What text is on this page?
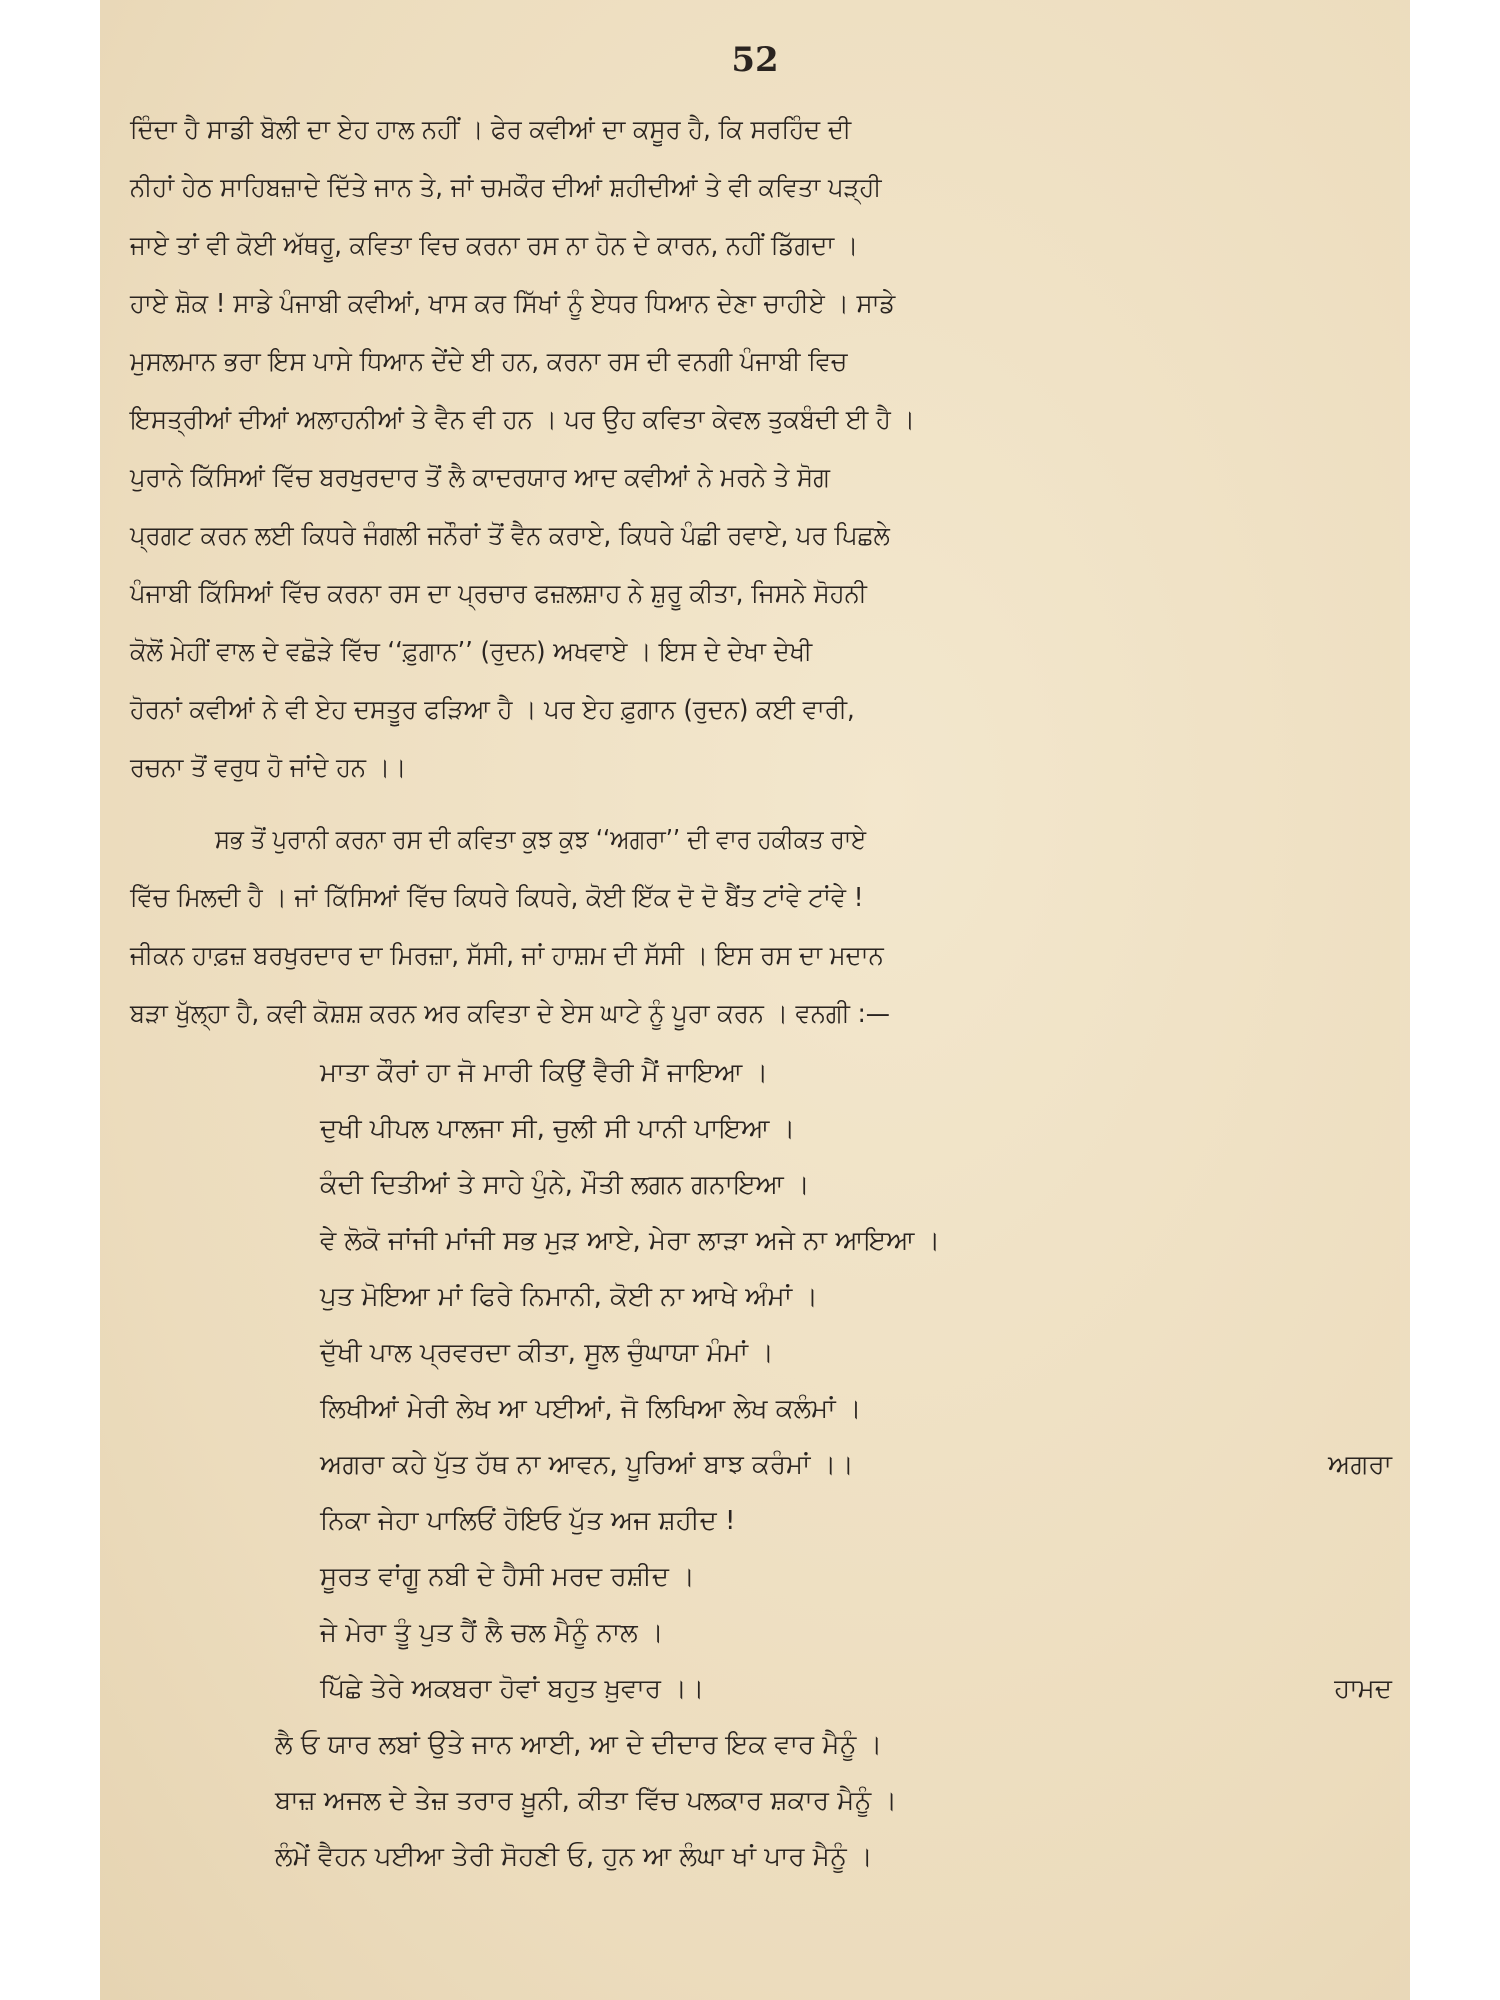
52
ਦਿੰਦਾ ਹੈ ਸਾਡੀ ਬੋਲੀ ਦਾ ਏਹ ਹਾਲ ਨਹੀਂ । ਫੇਰ ਕਵੀਆਂ ਦਾ ਕਸੂਰ ਹੈ, ਕਿ ਸਰਹਿੰਦ ਦੀ
ਨੀਹਾਂ ਹੇਠ ਸਾਹਿਬਜ਼ਾਦੇ ਦਿੱਤੇ ਜਾਨ ਤੇ, ਜਾਂ ਚਮਕੌਰ ਦੀਆਂ ਸ਼ਹੀਦੀਆਂ ਤੇ ਵੀ ਕਵਿਤਾ ਪੜ੍ਹੀ
ਜਾਏ ਤਾਂ ਵੀ ਕੋਈ ਅੱਥਰੂ, ਕਵਿਤਾ ਵਿਚ ਕਰਨਾ ਰਸ ਨਾ ਹੋਨ ਦੇ ਕਾਰਨ, ਨਹੀਂ ਡਿੱਗਦਾ ।
ਹਾਏ ਸ਼ੋਕ ! ਸਾਡੇ ਪੰਜਾਬੀ ਕਵੀਆਂ, ਖਾਸ ਕਰ ਸਿੱਖਾਂ ਨੂੰ ਏਧਰ ਧਿਆਨ ਦੇਣਾ ਚਾਹੀਏ । ਸਾਡੇ
ਮੁਸਲਮਾਨ ਭਰਾ ਇਸ ਪਾਸੇ ਧਿਆਨ ਦੇਂਦੇ ਈ ਹਨ, ਕਰਨਾ ਰਸ ਦੀ ਵਨਗੀ ਪੰਜਾਬੀ ਵਿਚ
ਇਸਤ੍ਰੀਆਂ ਦੀਆਂ ਅਲਾਹਨੀਆਂ ਤੇ ਵੈਨ ਵੀ ਹਨ । ਪਰ ਉਹ ਕਵਿਤਾ ਕੇਵਲ ਤੁਕਬੰਦੀ ਈ ਹੈ ।
ਪੁਰਾਨੇ ਕਿੱਸਿਆਂ ਵਿੱਚ ਬਰਖੁਰਦਾਰ ਤੋਂ ਲੈ ਕਾਦਰਯਾਰ ਆਦ ਕਵੀਆਂ ਨੇ ਮਰਨੇ ਤੇ ਸੋਗ
ਪ੍ਰਗਟ ਕਰਨ ਲਈ ਕਿਧਰੇ ਜੰਗਲੀ ਜਨੌਰਾਂ ਤੋਂ ਵੈਨ ਕਰਾਏ, ਕਿਧਰੇ ਪੰਛੀ ਰਵਾਏ, ਪਰ ਪਿਛਲੇ
ਪੰਜਾਬੀ ਕਿੱਸਿਆਂ ਵਿੱਚ ਕਰਨਾ ਰਸ ਦਾ ਪ੍ਰਚਾਰ ਫਜ਼ਲਸ਼ਾਹ ਨੇ ਸ਼ੁਰੂ ਕੀਤਾ, ਜਿਸਨੇ ਸੋਹਨੀ
ਕੋਲੋਂ ਮੇਹੀਂ ਵਾਲ ਦੇ ਵਛੋੜੇ ਵਿੱਚ ‘‘ਫ਼ੁਗਾਨ’’ (ਰੁਦਨ) ਅਖਵਾਏ । ਇਸ ਦੇ ਦੇਖਾ ਦੇਖੀ
ਹੋਰਨਾਂ ਕਵੀਆਂ ਨੇ ਵੀ ਏਹ ਦਸਤੂਰ ਫੜਿਆ ਹੈ । ਪਰ ਏਹ ਫ਼ੁਗਾਨ (ਰੁਦਨ) ਕਈ ਵਾਰੀ,
ਰਚਨਾ ਤੋਂ ਵਰੁਧ ਹੋ ਜਾਂਦੇ ਹਨ ।।
ਸਭ ਤੋਂ ਪੁਰਾਨੀ ਕਰਨਾ ਰਸ ਦੀ ਕਵਿਤਾ ਕੁਝ ਕੁਝ ‘‘ਅਗਰਾ’’ ਦੀ ਵਾਰ ਹਕੀਕਤ ਰਾਏ
ਵਿੱਚ ਮਿਲਦੀ ਹੈ । ਜਾਂ ਕਿੱਸਿਆਂ ਵਿੱਚ ਕਿਧਰੇ ਕਿਧਰੇ, ਕੋਈ ਇੱਕ ਦੋ ਦੋ ਬੈਂਤ ਟਾਂਵੇ ਟਾਂਵੇ !
ਜੀਕਨ ਹਾਫ਼ਜ਼ ਬਰਖੁਰਦਾਰ ਦਾ ਮਿਰਜ਼ਾ, ਸੱਸੀ, ਜਾਂ ਹਾਸ਼ਮ ਦੀ ਸੱਸੀ । ਇਸ ਰਸ ਦਾ ਮਦਾਨ
ਬੜਾ ਖੁੱਲ੍ਹਾ ਹੈ, ਕਵੀ ਕੋਸ਼ਸ਼ ਕਰਨ ਅਰ ਕਵਿਤਾ ਦੇ ਏਸ ਘਾਟੇ ਨੂੰ ਪੂਰਾ ਕਰਨ । ਵਨਗੀ :—
ਮਾਤਾ ਕੌਰਾਂ ਹਾ ਜੋ ਮਾਰੀ ਕਿਉਂ ਵੈਰੀ ਮੈਂ ਜਾਇਆ ।
ਦੁਖੀ ਪੀਪਲ ਪਾਲਜਾ ਸੀ, ਚੁਲੀ ਸੀ ਪਾਨੀ ਪਾਇਆ ।
ਕੰਦੀ ਦਿਤੀਆਂ ਤੇ ਸਾਹੇ ਪੁੰਨੇ, ਮੌਤੀ ਲਗਨ ਗਨਾਇਆ ।
ਵੇ ਲੋਕੋ ਜਾਂਜੀ ਮਾਂਜੀ ਸਭ ਮੁੜ ਆਏ, ਮੇਰਾ ਲਾੜਾ ਅਜੇ ਨਾ ਆਇਆ ।
ਪੁਤ ਮੋਇਆ ਮਾਂ ਫਿਰੇ ਨਿਮਾਨੀ, ਕੋਈ ਨਾ ਆਖੇ ਅੰਮਾਂ ।
ਦੁੱਖੀ ਪਾਲ ਪ੍ਰਵਰਦਾ ਕੀਤਾ, ਸੂਲ ਚੁੰਘਾਯਾ ਮੰਮਾਂ ।
ਲਿਖੀਆਂ ਮੇਰੀ ਲੇਖ ਆ ਪਈਆਂ, ਜੋ ਲਿਖਿਆ ਲੇਖ ਕਲੰਮਾਂ ।
ਅਗਰਾ ਕਹੇ ਪੁੱਤ ਹੱਥ ਨਾ ਆਵਨ, ਪੂਰਿਆਂ ਬਾਝ ਕਰੰਮਾਂ ।।	ਅਗਰਾ
ਨਿਕਾ ਜੇਹਾ ਪਾਲਿਓਂ ਹੋਇਓ ਪੁੱਤ ਅਜ ਸ਼ਹੀਦ !
ਸੂਰਤ ਵਾਂਗੂ ਨਬੀ ਦੇ ਹੈਸੀ ਮਰਦ ਰਸ਼ੀਦ ।
ਜੇ ਮੇਰਾ ਤੂੰ ਪੁਤ ਹੈਂ ਲੈ ਚਲ ਮੈਨੂੰ ਨਾਲ ।
ਪਿੱਛੇ ਤੇਰੇ ਅਕਬਰਾ ਹੋਵਾਂ ਬਹੁਤ ਖ਼ੁਵਾਰ ।।	ਹਾਮਦ
ਲੈ ਓ ਯਾਰ ਲਬਾਂ ਉਤੇ ਜਾਨ ਆਈ, ਆ ਦੇ ਦੀਦਾਰ ਇਕ ਵਾਰ ਮੈਨੂੰ ।
ਬਾਜ਼ ਅਜਲ ਦੇ ਤੇਜ਼ ਤਰਾਰ ਖ਼ੂਨੀ, ਕੀਤਾ ਵਿੱਚ ਪਲਕਾਰ ਸ਼ਕਾਰ ਮੈਨੂੰ ।
ਲੰਮੇਂ ਵੈਹਨ ਪਈਆ ਤੇਰੀ ਸੋਹਣੀ ਓ, ਹੁਨ ਆ ਲੰਘਾ ਖਾਂ ਪਾਰ ਮੈਨੂੰ ।
